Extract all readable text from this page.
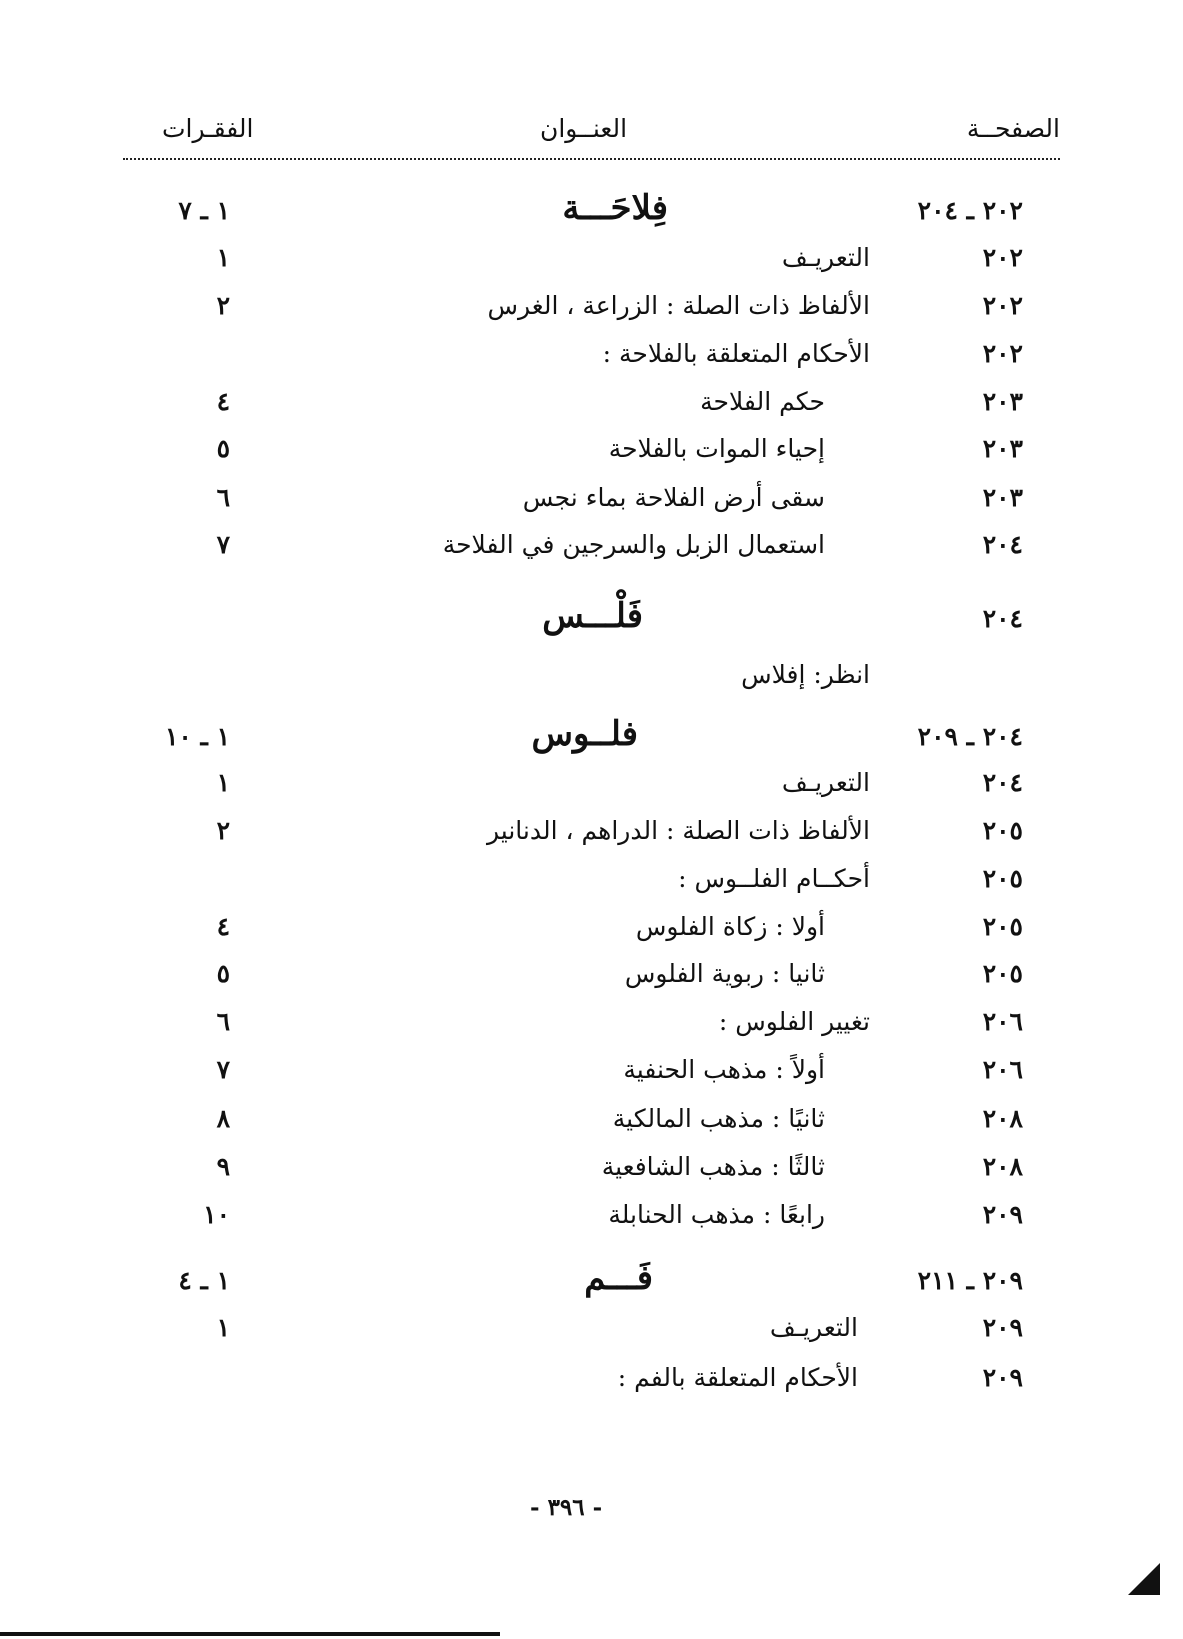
الصفحــة
العنــوان
الفقـرات
٢٠٢ ـ ٢٠٤
فِلاحَـــة
١ ـ ٧
٢٠٢
التعريـف
١
٢٠٢
الألفاظ ذات الصلة : الزراعة ، الغرس
٢
٢٠٢
الأحكام المتعلقة بالفلاحة :
٢٠٣
حكم الفلاحة
٤
٢٠٣
إحياء الموات بالفلاحة
٥
٢٠٣
سقى أرض الفلاحة بماء نجس
٦
٢٠٤
استعمال الزبل والسرجين في الفلاحة
٧
٢٠٤
فَلْـــس
انظر: إفلاس
٢٠٤ ـ ٢٠٩
فلــوس
١ ـ ١٠
٢٠٤
التعريـف
١
٢٠٥
الألفاظ ذات الصلة : الدراهم ، الدنانير
٢
٢٠٥
أحكــام الفلــوس :
٢٠٥
أولا : زكاة الفلوس
٤
٢٠٥
ثانيا : ربوية الفلوس
٥
٢٠٦
تغيير الفلوس :
٦
٢٠٦
أولاً : مذهب الحنفية
٧
٢٠٨
ثانيًا : مذهب المالكية
٨
٢٠٨
ثالثًا : مذهب الشافعية
٩
٢٠٩
رابعًا : مذهب الحنابلة
١٠
٢٠٩ ـ ٢١١
فَـــم
١ ـ ٤
٢٠٩
التعريـف
١
٢٠٩
الأحكام المتعلقة بالفم :
- ٣٩٦ -
